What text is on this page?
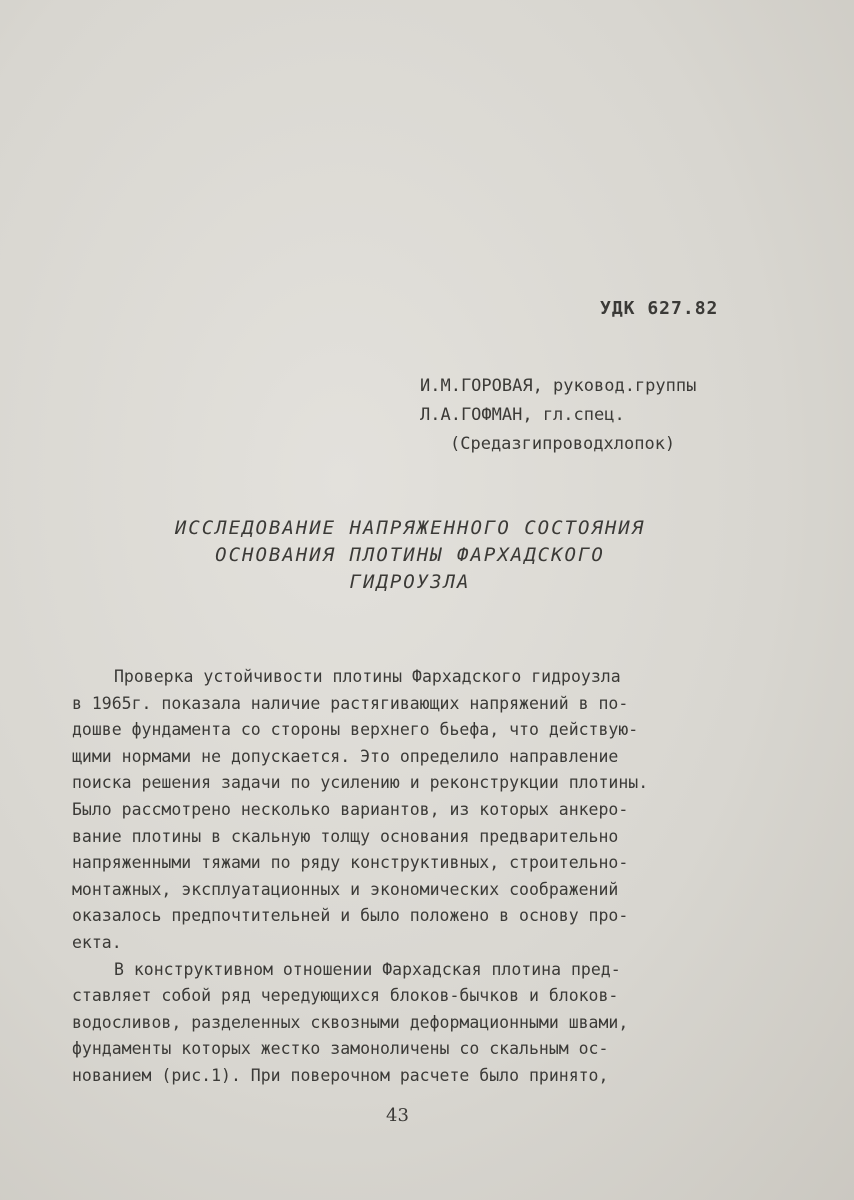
УДК 627.82
И.М.ГОРОВАЯ, руковод.группы
Л.А.ГОФМАН, гл.спец.
(Средазгипроводхлопок)
ИССЛЕДОВАНИЕ НАПРЯЖЕННОГО СОСТОЯНИЯ
ОСНОВАНИЯ ПЛОТИНЫ ФАРХАДСКОГО
ГИДРОУЗЛА
Проверка устойчивости плотины Фархадского гидроузла
в 1965г. показала наличие растягивающих напряжений в по-
дошве фундамента со стороны верхнего бьефа, что действую-
щими нормами не допускается. Это определило направление
поиска решения задачи по усилению и реконструкции плотины.
Было рассмотрено несколько вариантов, из которых анкеро-
вание плотины в скальную толщу основания предварительно
напряженными тяжами по ряду конструктивных, строительно-
монтажных, эксплуатационных и экономических соображений
оказалось предпочтительней и было положено в основу про-
екта.
В конструктивном отношении Фархадская плотина пред-
ставляет собой ряд чередующихся блоков-бычков и блоков-
водосливов, разделенных сквозными деформационными швами,
фундаменты которых жестко замоноличены со скальным ос-
нованием (рис.1). При поверочном расчете было принято,
43
